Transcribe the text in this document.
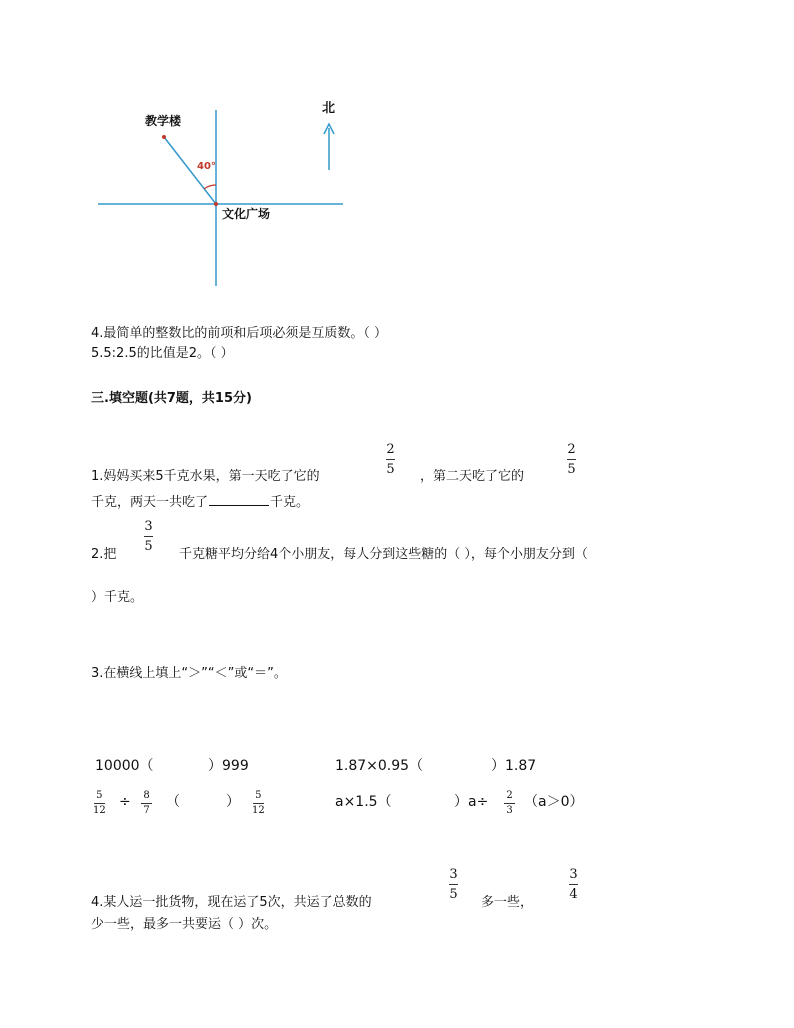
北
教学楼
文化广场
40°
4.最简单的整数比的前项和后项必须是互质数。（ ）
5.5:2.5的比值是2。（ ）
三.填空题(共7题，共15分)
1.妈妈买来5千克水果，第一天吃了它的
2
5 ，第二天吃了它的
2
5
千克，两天一共吃了	千克。
2.把
3
5
千克糖平均分给4个小朋友，每人分到这些糖的（ ），每个小朋友分到（
）千克。
3.在横线上填上“＞”“＜”或“＝”。
10000（	）999	1.87×0.95（	）1.87
5
12
÷ 8
7
（	） 5
12
a×1.5（	）a÷ 2
3
（a＞0）
4.某人运一批货物，现在运了5次，共运了总数的
3
5
多一些，
3
4
少一些，最多一共要运（ ）次。
